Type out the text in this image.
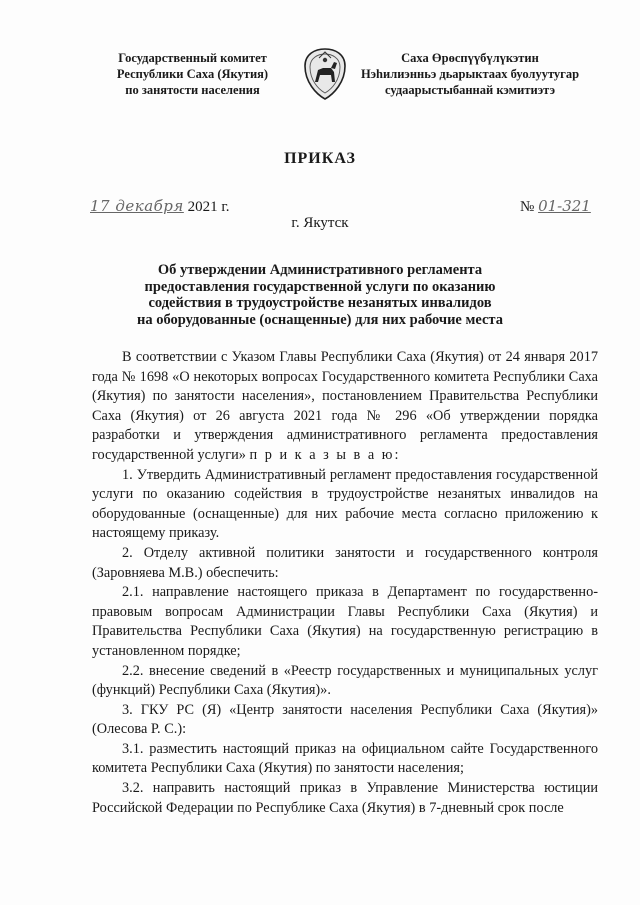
Государственный комитет
Республики Саха (Якутия)
по занятости населения
Саха Өрөспүүбүлүкэтин
Нэһилиэнньэ дьарыктаах буолуутугар
судаарыстыбаннай кэмитиэтэ
ПРИКАЗ
17 декабря 2021 г.	№ 01-321
г. Якутск
Об утверждении Административного регламента
предоставления государственной услуги по оказанию
содействия в трудоустройстве незанятых инвалидов
на оборудованные (оснащенные) для них рабочие места

В соответствии с Указом Главы Республики Саха (Якутия) от 24 января 2017 года № 1698 «О некоторых вопросах Государственного комитета Республики Саха (Якутия) по занятости населения», постановлением Правительства Республики Саха (Якутия) от 26 августа 2021 года № 296 «Об утверждении порядка разработки и утверждения административного регламента предоставления государственной услуги» п р и к а з ы в а ю:

1. Утвердить Административный регламент предоставления государственной услуги по оказанию содействия в трудоустройстве незанятых инвалидов на оборудованные (оснащенные) для них рабочие места согласно приложению к настоящему приказу.

2. Отделу активной политики занятости и государственного контроля (Заровняева М.В.) обеспечить:

2.1. направление настоящего приказа в Департамент по государственно-правовым вопросам Администрации Главы Республики Саха (Якутия) и Правительства Республики Саха (Якутия) на государственную регистрацию в установленном порядке;

2.2. внесение сведений в «Реестр государственных и муниципальных услуг (функций) Республики Саха (Якутия)».

3. ГКУ РС (Я) «Центр занятости населения Республики Саха (Якутия)» (Олесова Р. С.):

3.1. разместить настоящий приказ на официальном сайте Государственного комитета Республики Саха (Якутия) по занятости населения;

3.2. направить настоящий приказ в Управление Министерства юстиции Российской Федерации по Республике Саха (Якутия) в 7-дневный срок после
